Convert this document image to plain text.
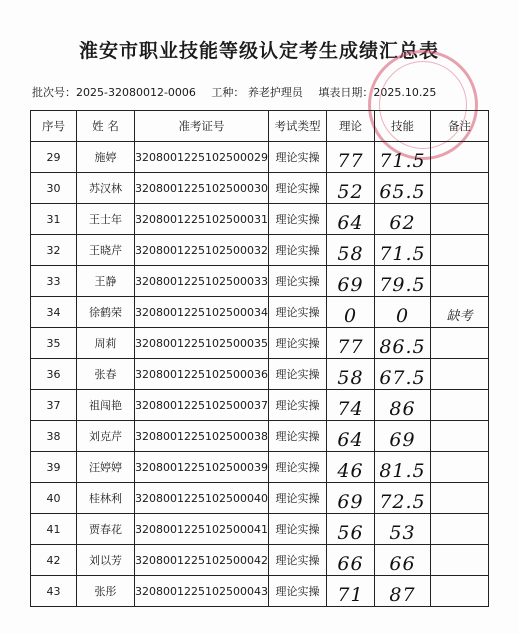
淮安市职业技能等级认定考生成绩汇总表
批次号：2025-32080012-0006 工种： 养老护理员 填表日期：2025.10.25
序号	姓 名	准考证号	考试类型	理论	技能	备注
29	施婷	3208001225102500029	理论实操	77	71.5	
30	苏汉林	3208001225102500030	理论实操	52	65.5	
31	王士年	3208001225102500031	理论实操	64	62	
32	王晓芹	3208001225102500032	理论实操	58	71.5	
33	王静	3208001225102500033	理论实操	69	79.5	
34	徐鹤荣	3208001225102500034	理论实操	0	0	缺考
35	周莉	3208001225102500035	理论实操	77	86.5	
36	张春	3208001225102500036	理论实操	58	67.5	
37	祖闯艳	3208001225102500037	理论实操	74	86	
38	刘克芹	3208001225102500038	理论实操	64	69	
39	汪婷婷	3208001225102500039	理论实操	46	81.5	
40	桂林利	3208001225102500040	理论实操	69	72.5	
41	贾春花	3208001225102500041	理论实操	56	53	
42	刘以芳	3208001225102500042	理论实操	66	66	
43	张彤	3208001225102500043	理论实操	71	87	
